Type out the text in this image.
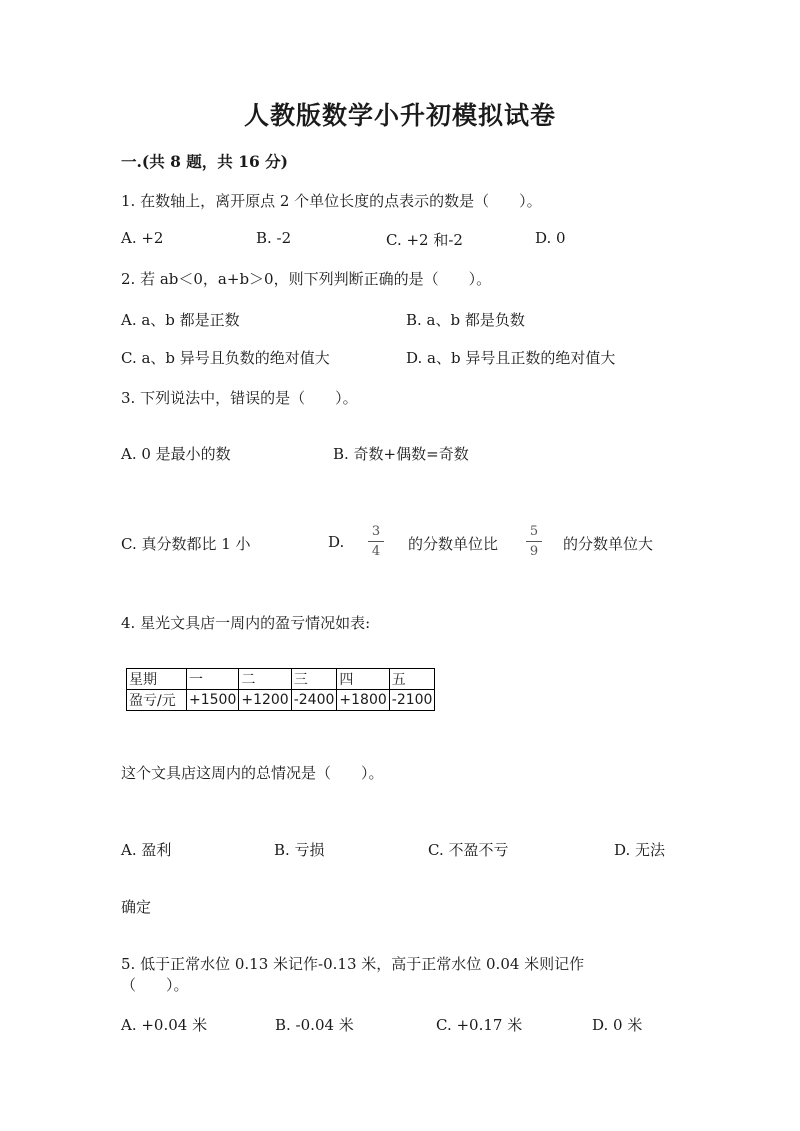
人教版数学小升初模拟试卷
一.(共 8 题，共 16 分)
1. 在数轴上，离开原点 2 个单位长度的点表示的数是（　　）。
A. +2	B. -2	C. +2 和-2	D. 0
2. 若 ab＜0，a+b＞0，则下列判断正确的是（　　）。
A. a、b 都是正数	B. a、b 都是负数
C. a、b 异号且负数的绝对值大	D. a、b 异号且正数的绝对值大
3. 下列说法中，错误的是（　　）。
A. 0 是最小的数	B. 奇数+偶数=奇数
C. 真分数都比 1 小	D.
3
4 的分数单位比
5
9 的分数单位大
4. 星光文具店一周内的盈亏情况如表:
星期	一	二	三	四	五
盈亏/元	+1500	+1200	-2400	+1800	-2100
这个文具店这周内的总情况是（　　）。
A. 盈利	B. 亏损	C. 不盈不亏	D. 无法
确定
5. 低于正常水位 0.13 米记作-0.13 米，高于正常水位 0.04 米则记作
（　　）。
A. +0.04 米	B. -0.04 米	C. +0.17 米	D. 0 米
